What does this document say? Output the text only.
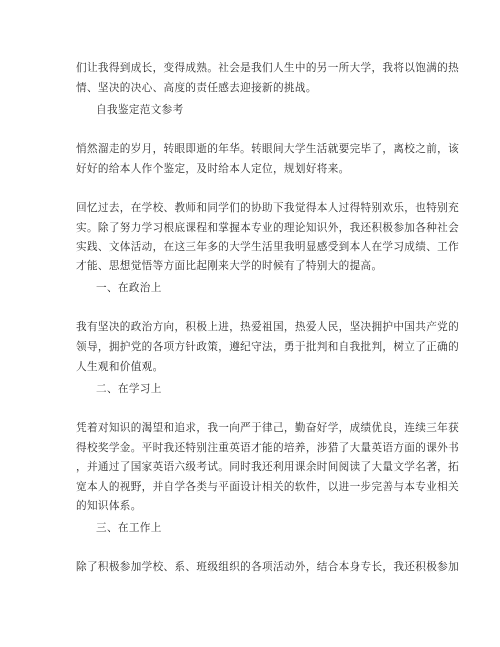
们让我得到成长，变得成熟。社会是我们人生中的另一所大学，我将以饱满的热
情、坚决的决心、高度的责任感去迎接新的挑战。
自我鉴定范文参考
悄然溜走的岁月，转眼即逝的年华。转眼间大学生活就要完毕了，离校之前，该
好好的给本人作个鉴定，及时给本人定位，规划好将来。
回忆过去，在学校、教师和同学们的协助下我觉得本人过得特别欢乐，也特别充
实。除了努力学习根底课程和掌握本专业的理论知识外，我还积极参加各种社会
实践、文体活动，在这三年多的大学生活里我明显感受到本人在学习成绩、工作
才能、思想觉悟等方面比起刚来大学的时候有了特别大的提高。
一、在政治上
我有坚决的政治方向，积极上进，热爱祖国，热爱人民，坚决拥护中国共产党的
领导，拥护党的各项方针政策，遵纪守法，勇于批判和自我批判，树立了正确的
人生观和价值观。
二、在学习上
凭着对知识的渴望和追求，我一向严于律己，勤奋好学，成绩优良，连续三年获
得校奖学金。平时我还特别注重英语才能的培养，涉猎了大量英语方面的课外书
，并通过了国家英语六级考试。同时我还利用课余时间阅读了大量文学名著，拓
宽本人的视野，并自学各类与平面设计相关的软件，以进一步完善与本专业相关
的知识体系。
三、在工作上
除了积极参加学校、系、班级组织的各项活动外，结合本身专长，我还积极参加
